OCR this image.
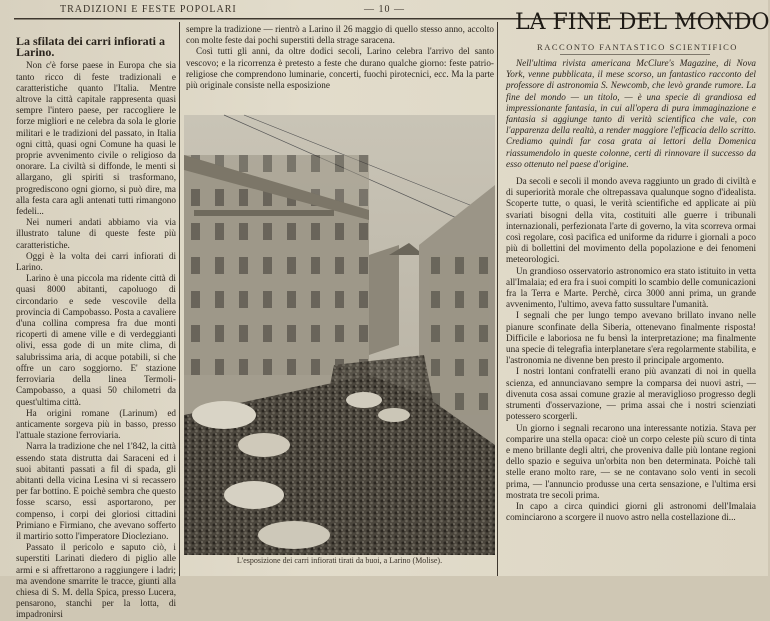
TRADIZIONI E FESTE POPOLARI	— 10 —
La sfilata dei carri infiorati a Larino.

Non c'è forse paese in Europa che sia tanto ricco di feste tradizionali e caratteristiche quanto l'Italia. Mentre altrove la città capitale rappresenta quasi sempre l'intero paese, per raccogliere le forze migliori e ne celebra da sola le glorie militari e le tradizioni del passato, in Italia ogni città, quasi ogni Comune ha quasi le proprie avvenimento civile o religioso da onorare. La civiltà si diffonde, le menti si allargano, gli spiriti si trasformano, progrediscono ogni giorno, si può dire, ma alla festa cara agli antenati tutti rimangono fedeli...

Nei numeri andati abbiamo via via illustrato talune di queste feste più caratteristiche.

Oggi è la volta dei carri infiorati di Larino.

Larino è una piccola ma ridente città di quasi 8000 abitanti, capoluogo di circondario e sede vescovile della provincia di Campobasso. Posta a cavaliere d'una collina compresa fra due monti ricoperti di amene ville e di verdeggianti olivi, essa gode di un mite clima, di salubrissima aria, di acque potabili, si che offre un caro soggiorno. E' stazione ferroviaria della linea Termoli-Campobasso, a quasi 50 chilometri da quest'ultima città.

Ha origini romane (Larinum) ed anticamente sorgeva più in basso, presso l'attuale stazione ferroviaria.

Narra la tradizione che nel 1'842, la città essendo stata distrutta dai Saraceni ed i suoi abitanti passati a fil di spada, gli abitanti della vicina Lesina vi si recassero per far bottino. E poichè sembra che questo fosse scarso, essi asportarono, per compenso, i corpi dei gloriosi cittadini Primiano e Firmiano, che avevano sofferto il martirio sotto l'imperatore Diocleziano.

Passato il pericolo e saputo ciò, i superstiti Larinati diedero di piglio alle armi e si affrettarono a raggiungere i ladri; ma avendone smarrite le tracce, giunti alla chiesa di S. M. della Spica, presso Lucera, pensarono, stanchi per la lotta, di impadronirsi

sempre la tradizione — rientrò a Larino il 26 maggio di quello stesso anno, accolto con molte feste dai pochi superstiti della strage saracena.

Così tutti gli anni, da oltre dodici secoli, Larino celebra l'arrivo del santo vescovo; e la ricorrenza è pretesto a feste che durano qualche giorno: feste patrio-religiose che comprendono luminarie, concerti, fuochi pirotecnici, ecc. Ma la parte più originale consiste nella esposizione

L'esposizione dei carri infiorati tirati da buoi, a Larino (Molise).
LA FINE DEL MONDO
RACCONTO FANTASTICO SCIENTIFICO

Nell'ultima rivista americana McClure's Magazine, di Nova York, venne pubblicata, il mese scorso, un fantastico racconto del professore di astronomia S. Newcomb, che levò grande rumore. La fine del mondo — un titolo, — è una specie di grandiosa ed impressionante fantasia, in cui all'opera di pura immaginazione e fantasia si aggiunge tanto di verità scientifica che vale, con l'apparenza della realtà, a render maggiore l'efficacia dello scritto. Crediamo quindi far cosa grata ai lettori della Domenica riassumendolo in queste colonne, certi di rinnovare il successo da esso ottenuto nel paese d'origine.

Da secoli e secoli il mondo aveva raggiunto un grado di civiltà e di superiorità morale che oltrepassava qualunque sogno d'idealista. Scoperte tutte, o quasi, le verità scientifiche ed applicate ai più svariati bisogni della vita, costituiti alle guerre i tribunali internazionali, perfezionata l'arte di governo, la vita scorreva ormai così regolare, così pacifica ed uniforme da ridurre i giornali a poco più di bollettini del movimento della popolazione e dei fenomeni meteorologici.

Un grandioso osservatorio astronomico era stato istituito in vetta all'Imalaia; ed era fra i suoi compiti lo scambio delle comunicazioni fra la Terra e Marte. Perchè, circa 3000 anni prima, un grande avvenimento, l'ultimo, aveva fatto sussultare l'umanità.

I segnali che per lungo tempo avevano brillato invano nelle pianure sconfinate della Siberia, ottenevano finalmente risposta! Difficile e laboriosa ne fu bensì la interpretazione; ma finalmente una specie di telegrafia interplanetare s'era regolarmente stabilita, e l'astronomia ne divenne ben presto il principale argomento.

I nostri lontani confratelli erano più avanzati di noi in quella scienza, ed annunciavano sempre la comparsa dei nuovi astri, — divenuta cosa assai comune grazie al meraviglioso progresso degli strumenti d'osservazione, — prima assai che i nostri scienziati potessero scorgerli.

Un giorno i segnali recarono una interessante notizia. Stava per comparire una stella opaca: cioè un corpo celeste più scuro di tinta e meno brillante degli altri, che proveniva dalle più lontane regioni dello spazio e seguiva un'orbita non ben determinata. Poichè tali stelle erano molto rare, — se ne contavano solo venti in secoli prima, — l'annuncio produsse una certa sensazione, e l'ultima ersi mostrata tre secoli prima.

In capo a circa quindici giorni gli astronomi dell'Imalaia cominciarono a scorgere il nuovo astro nella costellazione di...
